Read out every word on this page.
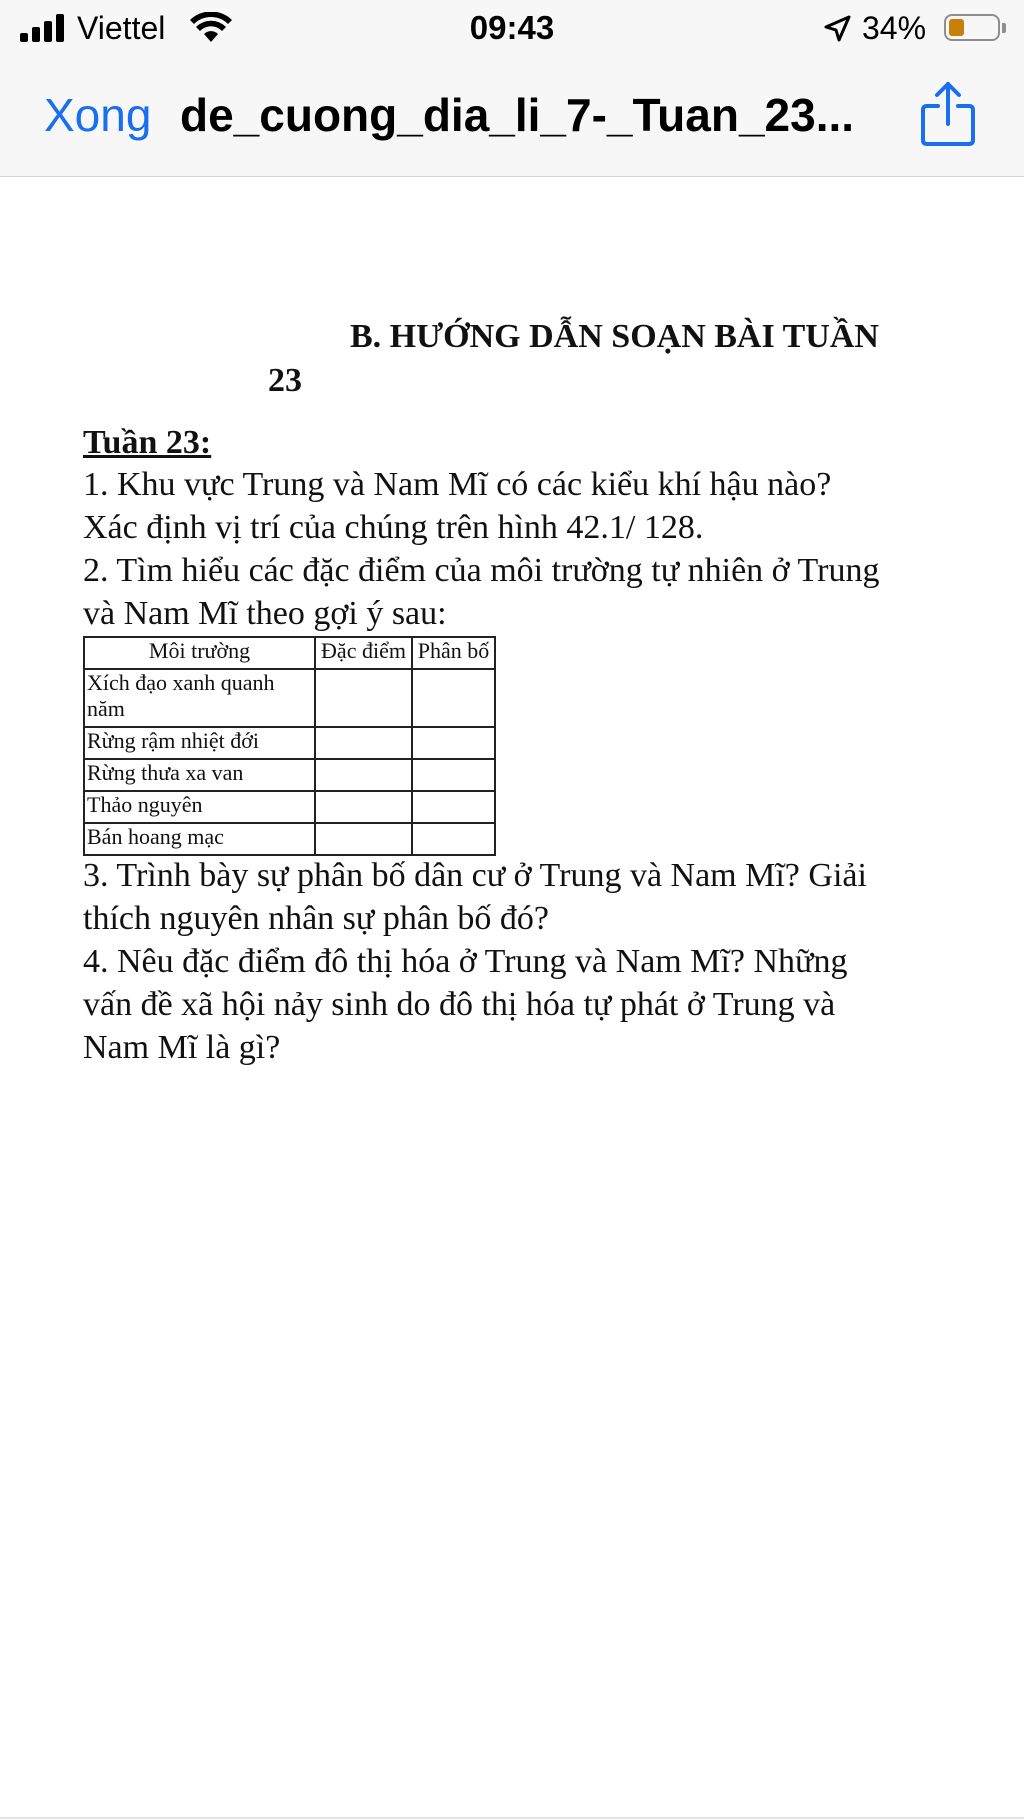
Viettel	09:43	34%
Xong de_cuong_dia_li_7-_Tuan_23...
B. HƯỚNG DẪN SOẠN BÀI TUẦN
23
Tuần 23:

1. Khu vực Trung và Nam Mĩ có các kiểu khí hậu nào?

Xác định vị trí của chúng trên hình 42.1/ 128.

2. Tìm hiểu các đặc điểm của môi trường tự nhiên ở Trung

và Nam Mĩ theo gợi ý sau:

Môi trường	Đặc điểm	Phân bố

Xích đạo xanh quanh
năm		

Rừng rậm nhiệt đới		
Rừng thưa xa van		
Thảo nguyên		
Bán hoang mạc		

3. Trình bày sự phân bố dân cư ở Trung và Nam Mĩ? Giải

thích nguyên nhân sự phân bố đó?

4. Nêu đặc điểm đô thị hóa ở Trung và Nam Mĩ? Những

vấn đề xã hội nảy sinh do đô thị hóa tự phát ở Trung và

Nam Mĩ là gì?
